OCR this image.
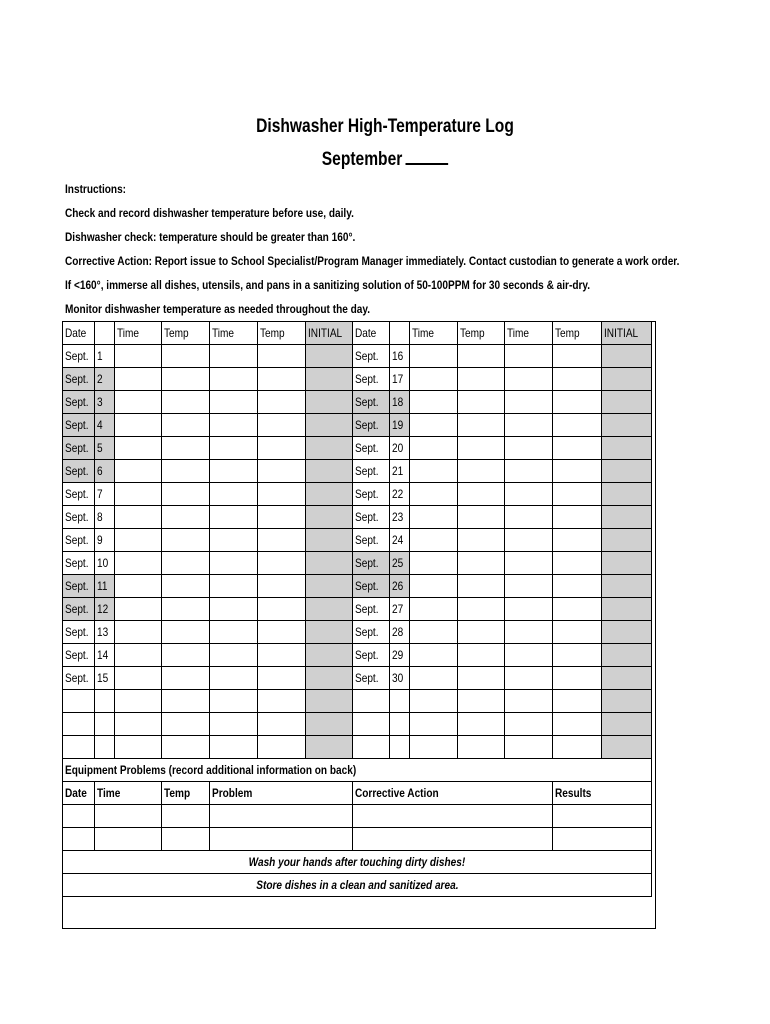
Dishwasher High-Temperature Log
September
Instructions:
Check and record dishwasher temperature before use, daily.
Dishwasher check: temperature should be greater than 160°.
Corrective Action: Report issue to School Specialist/Program Manager immediately. Contact custodian to generate a work order.
If <160°, immerse all dishes, utensils, and pans in a sanitizing solution of 50-100PPM for 30 seconds & air-dry.
Monitor dishwasher temperature as needed throughout the day.
Date		Time	Temp	Time	Temp	INITIAL	Date		Time	Temp	Time	Temp	INITIAL
Sept.	1						Sept.	16					
Sept.	2						Sept.	17					
Sept.	3						Sept.	18					
Sept.	4						Sept.	19					
Sept.	5						Sept.	20					
Sept.	6						Sept.	21					
Sept.	7						Sept.	22					
Sept.	8						Sept.	23					
Sept.	9						Sept.	24					
Sept.	10						Sept.	25					
Sept.	11						Sept.	26					
Sept.	12						Sept.	27					
Sept.	13						Sept.	28					
Sept.	14						Sept.	29					
Sept.	15						Sept.	30					

Equipment Problems (record additional information on back)													
Date	Time		Temp	Problem			Corrective Action					Results	

Wash your hands after touching dirty dishes!													
Store dishes in a clean and sanitized area.													
